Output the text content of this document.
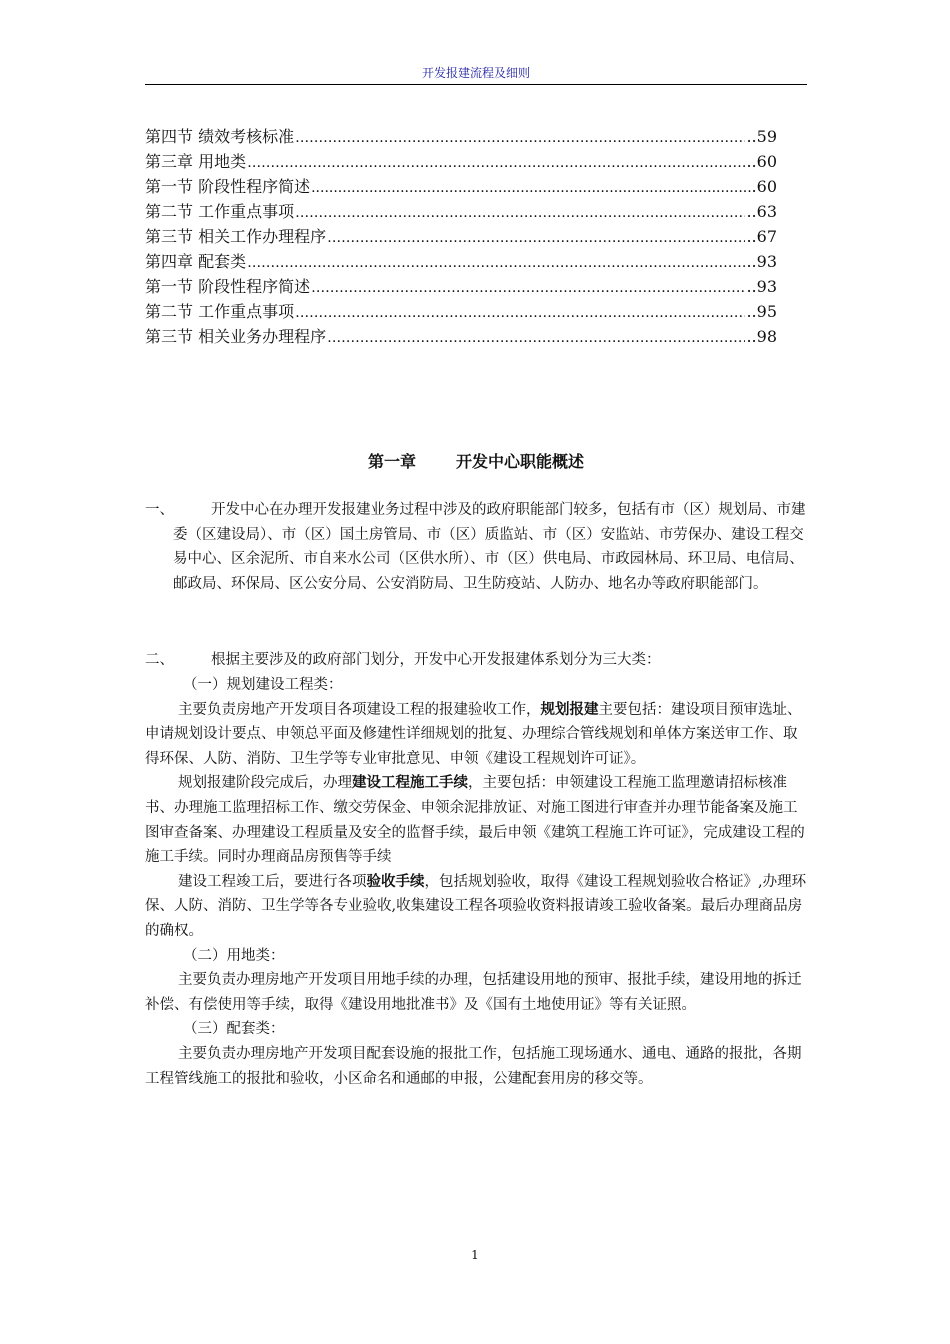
开发报建流程及细则
第四节 绩效考核标准 ……………………………………………………………………………………………………………………………………	..59
第三章 用地类 ……………………………………………………………………………………………………………………………………	..60
第一节 阶段性程序简述 .....	.60
第二节 工作重点事项 ……………………………………………………………………………………………………………………………………	..63
第三节 相关工作办理程序 ……………………………………………………………………………………………………………………………………	..67
第四章 配套类 ……………………………………………………………………………………………………………………………………	..93
第一节 阶段性程序简述 ……………………………………………………………………………………………………………………………………	..93
第二节 工作重点事项 ……………………………………………………………………………………………………………………………………	..95
第三节 相关业务办理程序 ……………………………………………………………………………………………………………………………………	..98
第一章	开发中心职能概述
一、	开发中心在办理开发报建业务过程中涉及的政府职能部门较多，包括有市（区）规划局、市建委（区建设局）、市（区）国土房管局、市（区）质监站、市（区）安监站、市劳保办、建设工程交易中心、区余泥所、市自来水公司（区供水所）、市（区）供电局、市政园林局、环卫局、电信局、邮政局、环保局、区公安分局、公安消防局、卫生防疫站、人防办、地名办等政府职能部门。
二、	根据主要涉及的政府部门划分，开发中心开发报建体系划分为三大类：

（一）规划建设工程类：

主要负责房地产开发项目各项建设工程的报建验收工作，规划报建主要包括：建设项目预审选址、申请规划设计要点、申领总平面及修建性详细规划的批复、办理综合管线规划和单体方案送审工作、取得环保、人防、消防、卫生学等专业审批意见、申领《建设工程规划许可证》。

规划报建阶段完成后，办理建设工程施工手续，主要包括：申领建设工程施工监理邀请招标核准书、办理施工监理招标工作、缴交劳保金、申领余泥排放证、对施工图进行审查并办理节能备案及施工图审查备案、办理建设工程质量及安全的监督手续，最后申领《建筑工程施工许可证》，完成建设工程的施工手续。同时办理商品房预售等手续

建设工程竣工后，要进行各项验收手续，包括规划验收，取得《建设工程规划验收合格证》,办理环保、人防、消防、卫生学等各专业验收,收集建设工程各项验收资料报请竣工验收备案。最后办理商品房的确权。

（二）用地类：

主要负责办理房地产开发项目用地手续的办理，包括建设用地的预审、报批手续，建设用地的拆迁补偿、有偿使用等手续，取得《建设用地批准书》及《国有土地使用证》等有关证照。

（三）配套类：

主要负责办理房地产开发项目配套设施的报批工作，包括施工现场通水、通电、通路的报批，各期工程管线施工的报批和验收，小区命名和通邮的申报，公建配套用房的移交等。

1
